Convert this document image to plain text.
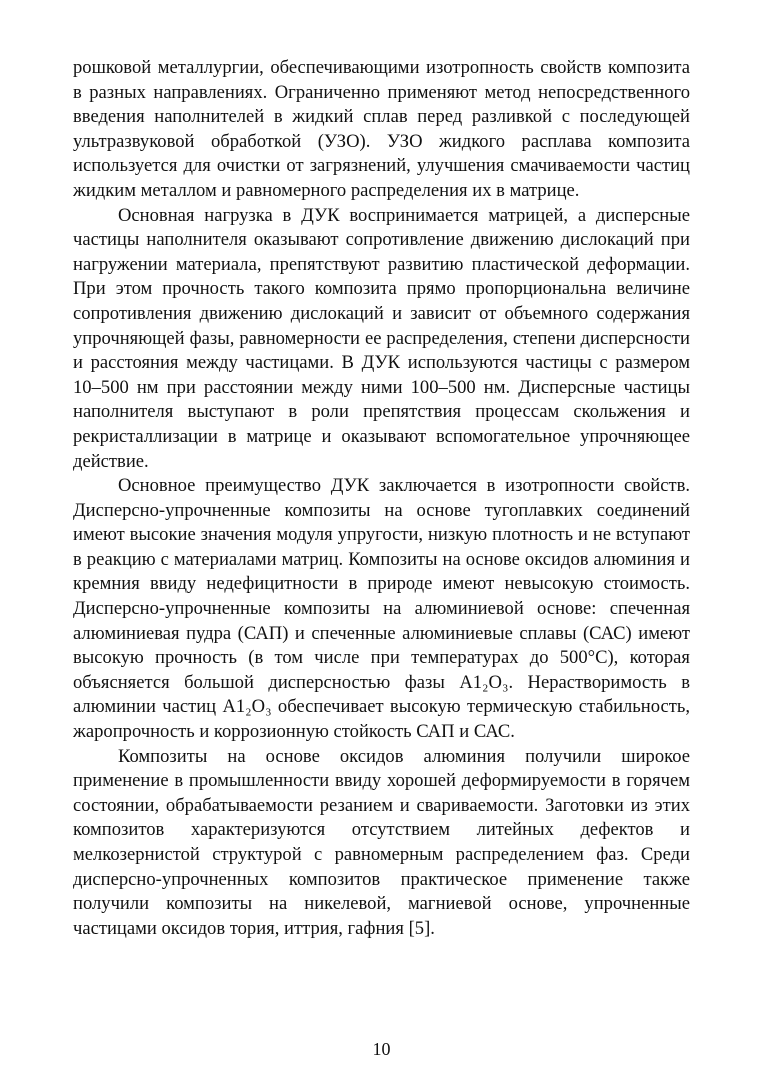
рошковой металлургии, обеспечивающими изотропность свойств композита в разных направлениях. Ограниченно применяют метод непосредственного введения наполнителей в жидкий сплав перед разливкой с последующей ультразвуковой обработкой (УЗО). УЗО жидкого расплава композита используется для очистки от загрязнений, улучшения смачиваемости частиц жидким металлом и равномерного распределения их в матрице.

Основная нагрузка в ДУК воспринимается матрицей, а дисперсные частицы наполнителя оказывают сопротивление движению дислокаций при нагружении материала, препятствуют развитию пластической деформации. При этом прочность такого композита прямо пропорциональна величине сопротивления движению дислокаций и зависит от объемного содержания упрочняющей фазы, равномерности ее распределения, степени дисперсности и расстояния между частицами. В ДУК используются частицы с размером 10–500 нм при расстоянии между ними 100–500 нм. Дисперсные частицы наполнителя выступают в роли препятствия процессам скольжения и рекристаллизации в матрице и оказывают вспомогательное упрочняющее действие.

Основное преимущество ДУК заключается в изотропности свойств. Дисперсно-упрочненные композиты на основе тугоплавких соединений имеют высокие значения модуля упругости, низкую плотность и не вступают в реакцию с материалами матриц. Композиты на основе оксидов алюминия и кремния ввиду недефицитности в природе имеют невысокую стоимость. Дисперсно-упрочненные композиты на алюминиевой основе: спеченная алюминиевая пудра (САП) и спеченные алюминиевые сплавы (САС) имеют высокую прочность (в том числе при температурах до 500°С), которая объясняется большой дисперсностью фазы А1₂О₃. Нерастворимость в алюминии частиц А1₂О₃ обеспечивает высокую термическую стабильность, жаропрочность и коррозионную стойкость САП и САС.

Композиты на основе оксидов алюминия получили широкое применение в промышленности ввиду хорошей деформируемости в горячем состоянии, обрабатываемости резанием и свариваемости. Заготовки из этих композитов характеризуются отсутствием литейных дефектов и мелкозернистой структурой с равномерным распределением фаз. Среди дисперсно-упрочненных композитов практическое применение также получили композиты на никелевой, магниевой основе, упрочненные частицами оксидов тория, иттрия, гафния [5].

10
